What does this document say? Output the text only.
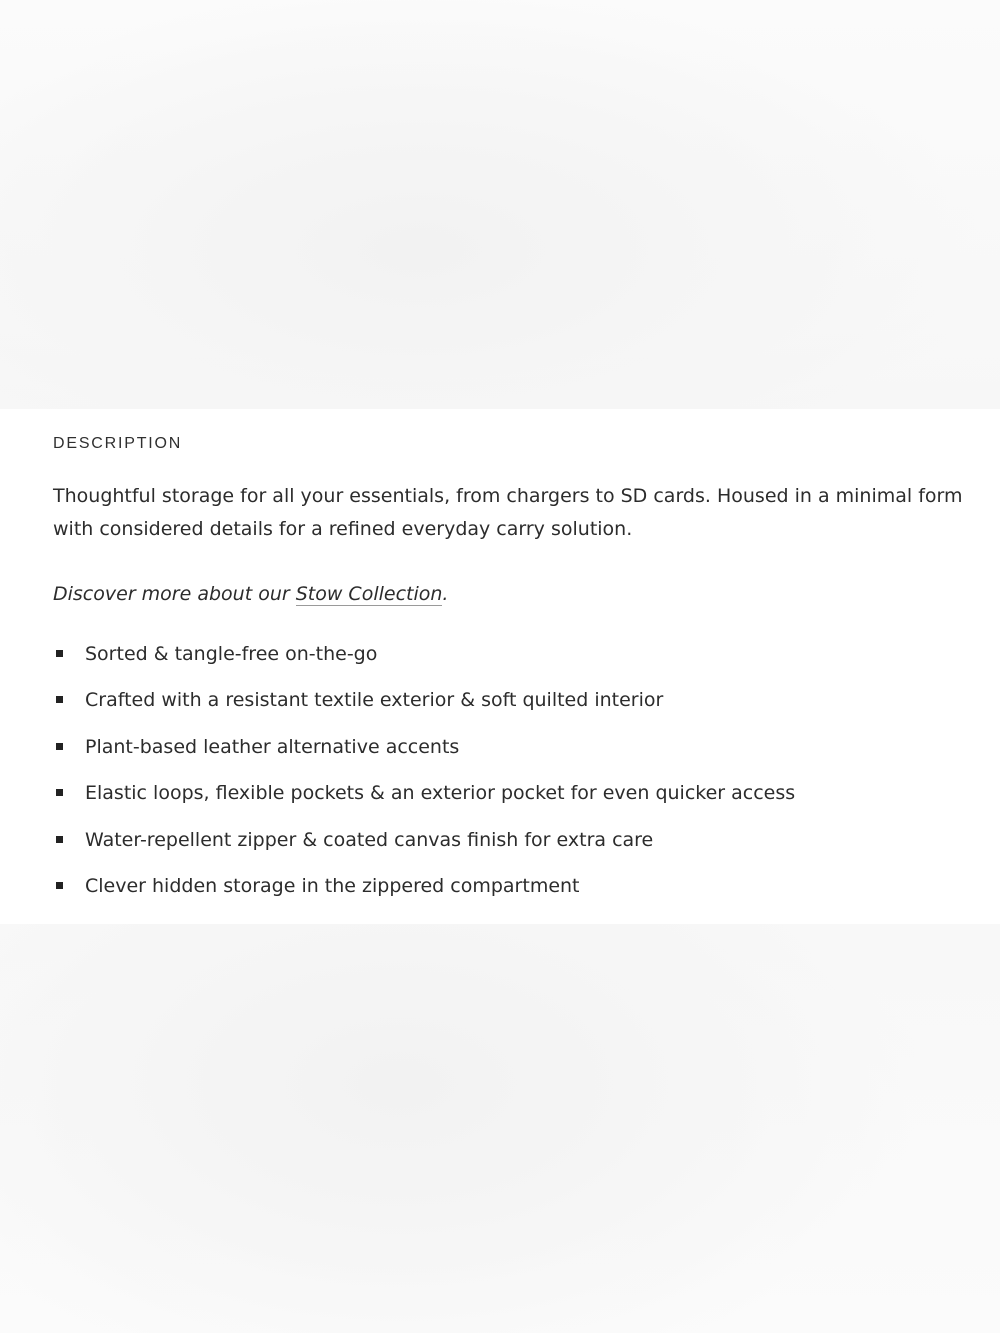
DESCRIPTION

Thoughtful storage for all your essentials, from chargers to SD cards. Housed in a minimal form with considered details for a refined everyday carry solution.

Discover more about our Stow Collection.

Sorted & tangle-free on-the-go
Crafted with a resistant textile exterior & soft quilted interior
Plant-based leather alternative accents
Elastic loops, flexible pockets & an exterior pocket for even quicker access
Water-repellent zipper & coated canvas finish for extra care
Clever hidden storage in the zippered compartment
